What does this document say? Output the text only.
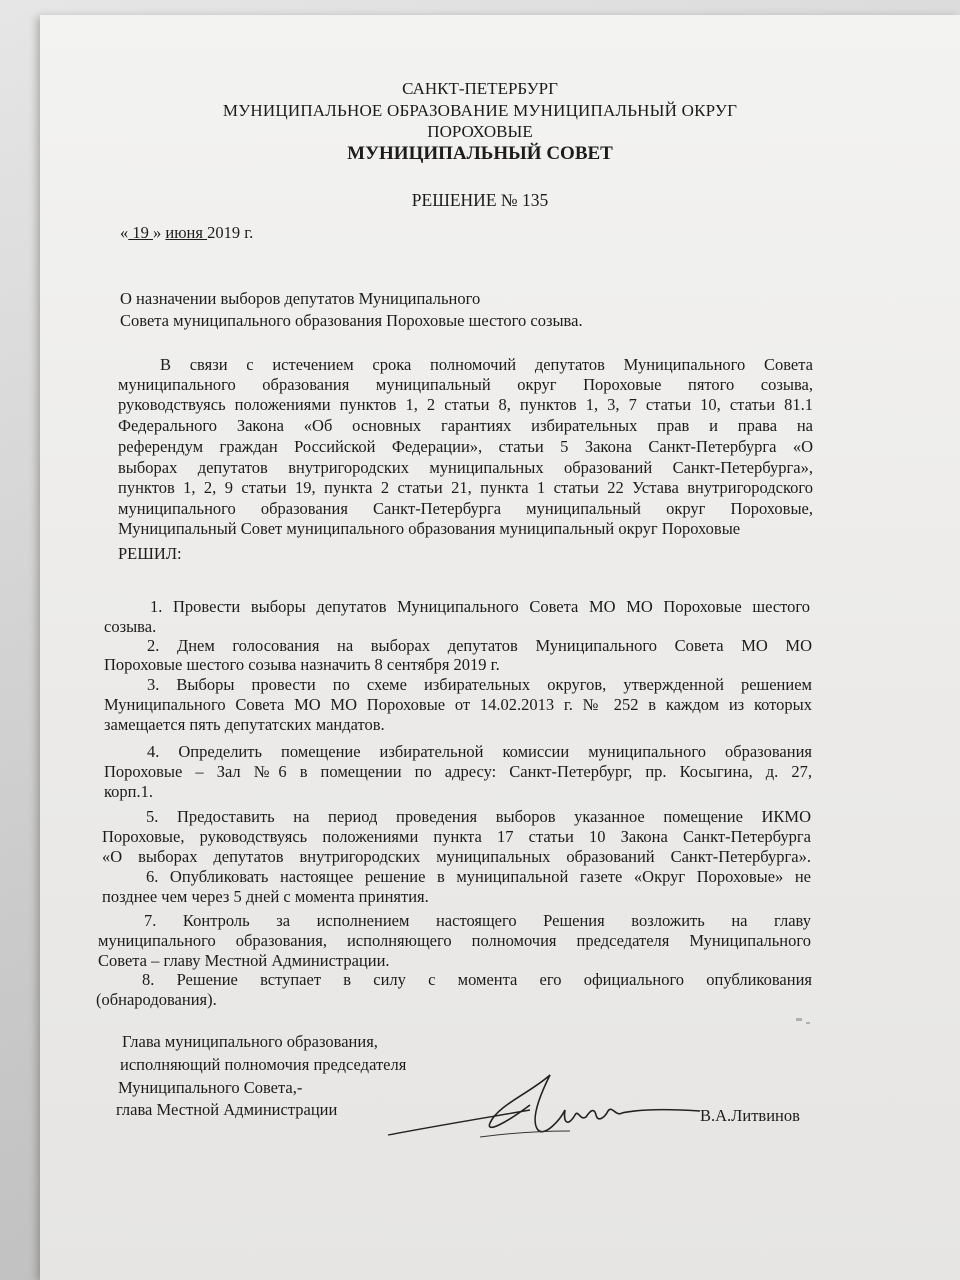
САНКТ-ПЕТЕРБУРГ
МУНИЦИПАЛЬНОЕ ОБРАЗОВАНИЕ МУНИЦИПАЛЬНЫЙ ОКРУГ
ПОРОХОВЫЕ
МУНИЦИПАЛЬНЫЙ СОВЕТ
РЕШЕНИЕ № 135
« 19 » июня 2019 г.
О назначении выборов депутатов Муниципального
Совета муниципального образования Пороховые шестого созыва.
В связи с истечением срока полномочий депутатов Муниципального Совета
муниципального образования муниципальный округ Пороховые пятого созыва,
руководствуясь положениями пунктов 1, 2 статьи 8, пунктов 1, 3, 7 статьи 10, статьи 81.1
Федерального Закона «Об основных гарантиях избирательных прав и права на
референдум граждан Российской Федерации», статьи 5 Закона Санкт-Петербурга «О
выборах депутатов внутригородских муниципальных образований Санкт-Петербурга»,
пунктов 1, 2, 9 статьи 19, пункта 2 статьи 21, пункта 1 статьи 22 Устава внутригородского
муниципального образования Санкт-Петербурга муниципальный округ Пороховые,
Муниципальный Совет муниципального образования муниципальный округ Пороховые
РЕШИЛ:
1. Провести выборы депутатов Муниципального Совета МО МО Пороховые шестого
созыва.
2. Днем голосования на выборах депутатов Муниципального Совета МО МО
Пороховые шестого созыва назначить 8 сентября 2019 г.
3. Выборы провести по схеме избирательных округов, утвержденной решением
Муниципального Совета МО МО Пороховые от 14.02.2013 г. № 252 в каждом из которых
замещается пять депутатских мандатов.
4. Определить помещение избирательной комиссии муниципального образования
Пороховые – Зал №6 в помещении по адресу: Санкт-Петербург, пр. Косыгина, д. 27,
корп.1.
5. Предоставить на период проведения выборов указанное помещение ИКМО
Пороховые, руководствуясь положениями пункта 17 статьи 10 Закона Санкт-Петербурга
«О выборах депутатов внутригородских муниципальных образований Санкт-Петербурга».
6. Опубликовать настоящее решение в муниципальной газете «Округ Пороховые» не
позднее чем через 5 дней с момента принятия.
7. Контроль за исполнением настоящего Решения возложить на главу
муниципального образования, исполняющего полномочия председателя Муниципального
Совета – главу Местной Администрации.
8. Решение вступает в силу с момента его официального опубликования
(обнародования).
Глава муниципального образования,
исполняющий полномочия председателя
Муниципального Совета,-
глава Местной Администрации	В.А.Литвинов
